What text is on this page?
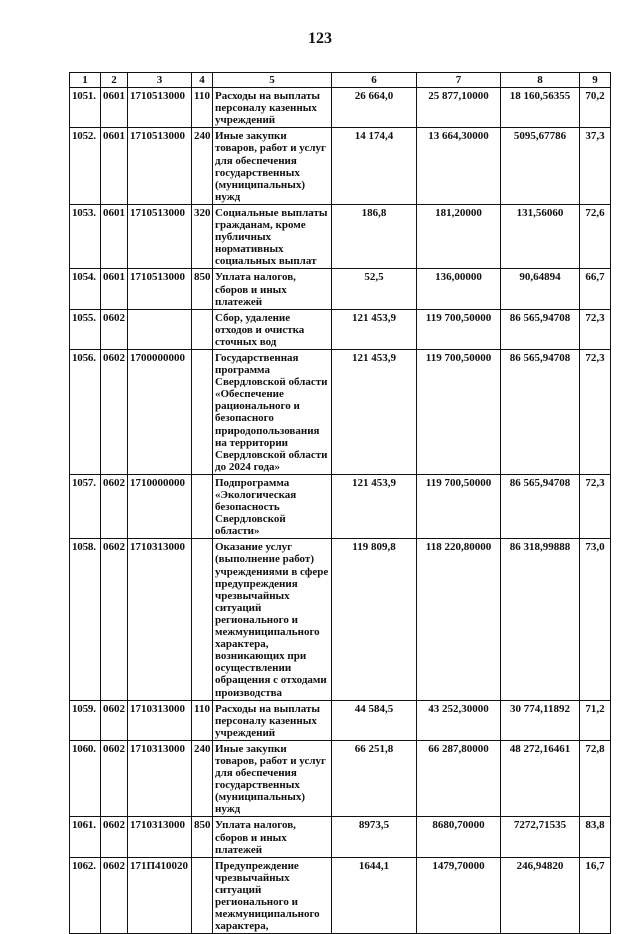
123
1	2	3	4	5	6	7	8	9
1051.	0601	1710513000	110	Расходы на выплаты персоналу казенных учреждений	26 664,0	25 877,10000	18 160,56355	70,2
1052.	0601	1710513000	240	Иные закупки товаров, работ и услуг для обеспечения государственных (муниципальных) нужд	14 174,4	13 664,30000	5095,67786	37,3
1053.	0601	1710513000	320	Социальные выплаты гражданам, кроме публичных нормативных социальных выплат	186,8	181,20000	131,56060	72,6
1054.	0601	1710513000	850	Уплата налогов, сборов и иных платежей	52,5	136,00000	90,64894	66,7
1055.	0602			Сбор, удаление отходов и очистка сточных вод	121 453,9	119 700,50000	86 565,94708	72,3
1056.	0602	1700000000		Государственная программа Свердловской области «Обеспечение рационального и безопасного природопользования на территории Свердловской области до 2024 года»	121 453,9	119 700,50000	86 565,94708	72,3
1057.	0602	1710000000		Подпрограмма «Экологическая безопасность Свердловской области»	121 453,9	119 700,50000	86 565,94708	72,3
1058.	0602	1710313000		Оказание услуг (выполнение работ) учреждениями в сфере предупреждения чрезвычайных ситуаций регионального и межмуниципального характера, возникающих при осуществлении обращения с отходами производства	119 809,8	118 220,80000	86 318,99888	73,0
1059.	0602	1710313000	110	Расходы на выплаты персоналу казенных учреждений	44 584,5	43 252,30000	30 774,11892	71,2
1060.	0602	1710313000	240	Иные закупки товаров, работ и услуг для обеспечения государственных (муниципальных) нужд	66 251,8	66 287,80000	48 272,16461	72,8
1061.	0602	1710313000	850	Уплата налогов, сборов и иных платежей	8973,5	8680,70000	7272,71535	83,8
1062.	0602	171П410020		Предупреждение чрезвычайных ситуаций регионального и межмуниципального характера,	1644,1	1479,70000	246,94820	16,7
